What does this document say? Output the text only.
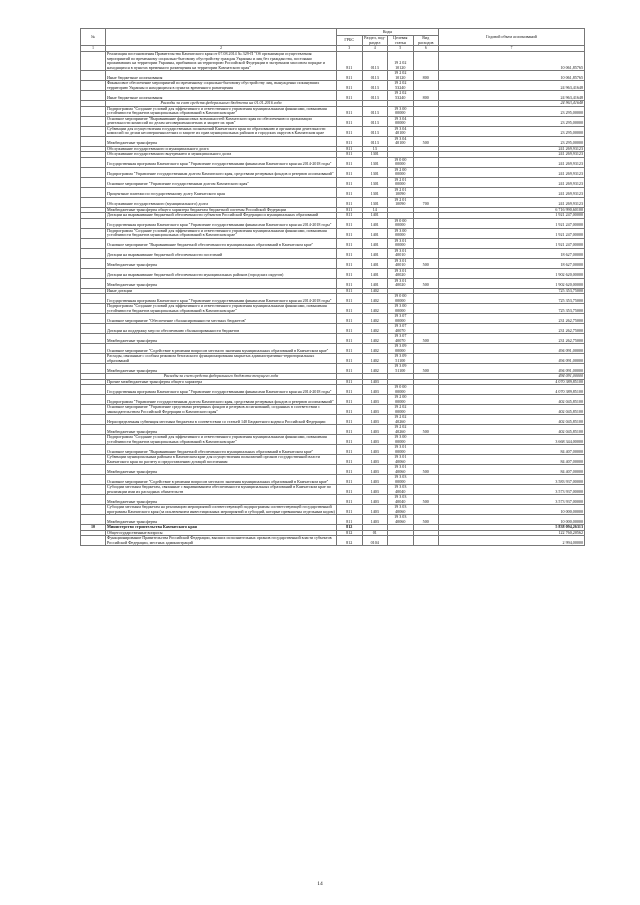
№		Коды				Годовой объем ассигнований
		ГРБС	Раздел, под-раздел	Целевая статья	Вид расходов	
1	2	3	4	5	6	7
	Реализация постановления Правительства Камчатского края от 07.08.2014 № 329-П "Об организации осуществления мероприятий по временному социально-бытовому обустройству граждан Украины и лиц без гражданства, постоянно проживавших на территории Украины, прибывших на территорию Российской Федерации в экстренном массовом порядке и находящихся в пунктах временного размещения на территории Камчатского края"	811	0113	19 2 02 10120		10 061,85765
	Иные бюджетные ассигнования	811	0113	19 2 02 10120	800	10 061,85765
	Финансовое обеспечение мероприятий по временному социально-бытовому обустройству лиц, вынужденно покинувших территорию Украины и находящихся в пунктах временного размещения	811	0113	19 2 02 53240		24 963,41648
	Иные бюджетные ассигнования	811	0113	19 2 02 53240	800	24 963,41648
	Расходы за счет средств федерального бюджета на 01.01.2016 года					24 963,41648
	Подпрограмма "Создание условий для эффективного и ответственного управления муниципальными финансами, повышения устойчивости бюджетов муниципальных образований в Камчатском крае"	811	0113	19 3 00 00000		23 295,00000
	Основное мероприятие "Выравнивание финансовых возможностей Камчатского края по обеспечению и организации деятельности комиссий по делам несовершеннолетних и защите их прав"	811	0113	19 3 04 00000		23 295,00000
	Субвенции для осуществления государственных полномочий Камчатского края по образованию и организации деятельности комиссий по делам несовершеннолетних и защите их прав муниципальных районов и городских округов в Камчатском крае	811	0113	19 3 04 40100		23 295,00000
	Межбюджетные трансферты	811	0113	19 3 04 40100	500	23 295,00000
	Обслуживание государственного и муниципального долга	811	13			241 269,93123
	Обслуживание государственного внутреннего и муниципального долга	811	1301			241 269,93123
	Государственная программа Камчатского края "Управление государственными финансами Камчатского края на 2014-2018 годы"	811	1301	19 0 00 00000		241 269,93123
	Подпрограмма "Управление государственным долгом Камчатского края, средствами резервных фондов и резервов ассигнований"	811	1301	19 2 00 00000		241 269,93123
	Основное мероприятие "Управление государственным долгом Камчатского края"	811	1301	19 2 01 00000		241 269,93123
	Процентные платежи по государственному долгу Камчатского края	811	1301	19 2 01 10090		241 269,93123
	Обслуживание государственного (муниципального) долга	811	1301	19 2 01 10090	700	241 269,93123
	Межбюджетные трансферты общего характера бюджетам бюджетной системы Российской Федерации	811	14			6 716 990,60100
	Дотации на выравнивание бюджетной обеспеченности субъектов Российской Федерации и муниципальных образований	811	1401			1 921 247,00000
	Государственная программа Камчатского края "Управление государственными финансами Камчатского края на 2014-2018 годы"	811	1401	19 0 00 00000		1 921 247,00000
	Подпрограмма "Создание условий для эффективного и ответственного управления муниципальными финансами, повышения устойчивости бюджетов муниципальных образований в Камчатском крае"	811	1401	19 3 00 00000		1 921 247,00000
	Основное мероприятие "Выравнивание бюджетной обеспеченности муниципальных образований в Камчатском крае"	811	1401	19 3 01 00000		1 921 247,00000
	Дотации на выравнивание бюджетной обеспеченности поселений	811	1401	19 3 01 40010		18 627,00000
	Межбюджетные трансферты	811	1401	19 3 01 40010	500	18 627,00000
	Дотации на выравнивание бюджетной обеспеченности муниципальных районов (городских округов)	811	1401	19 3 01 40020		1 902 620,00000
	Межбюджетные трансферты	811	1401	19 3 01 40020	500	1 902 620,00000
	Иные дотации	811	1402			725 353,75000
	Государственная программа Камчатского края "Управление государственными финансами Камчатского края на 2014-2018 годы"	811	1402	19 0 00 00000		725 353,75000
	Подпрограмма "Создание условий для эффективного и ответственного управления муниципальными финансами, повышения устойчивости бюджетов муниципальных образований в Камчатском крае"	811	1402	19 3 00 00000		725 353,75000
	Основное мероприятие "Обеспечение сбалансированности местных бюджетов"	811	1402	19 3 07 00000		231 262,75000
	Дотации на поддержку мер по обеспечению сбалансированности бюджетов	811	1402	19 3 07 40070		231 262,75000
	Межбюджетные трансферты	811	1402	19 3 07 40070	500	231 262,75000
	Основное мероприятие "Содействие в решении вопросов местного значения муниципальных образований в Камчатском крае"	811	1402	19 3 09 00000		494 091,00000
	Расходы, связанные с особым режимом безопасного функционирования закрытых административно-территориальных образований	811	1402	19 3 09 51100		494 091,00000
	Межбюджетные трансферты	811	1402	19 3 09 51100	500	494 091,00000
	Расходы за счет средств федерального бюджета текущего года					494 091,00000
	Прочие межбюджетные трансферты общего характера	811	1403			4 070 389,85100
	Государственная программа Камчатского края "Управление государственными финансами Камчатского края на 2014-2018 годы"	811	1403	19 0 00 00000		4 070 389,85100
	Подпрограмма "Управление государственным долгом Камчатского края, средствами резервных фондов и резервов ассигнований"	811	1403	19 2 00 00000		402 045,85100
	Основное мероприятие "Управление средствами резервных фондов и резервов ассигнований, созданных в соответствии с законодательством Российской Федерации и Камчатского края"	811	1403	19 2 02 00000		402 045,85100
	Нераспределенная субвенция местным бюджетам в соответствии со статьей 140 Бюджетного кодекса Российской Федерации	811	1403	19 2 02 40260		402 045,85100
	Межбюджетные трансферты	811	1403	19 2 02 40260	500	402 045,85100
	Подпрограмма "Создание условий для эффективного и ответственного управления муниципальными финансами, повышения устойчивости бюджетов муниципальных образований в Камчатском крае"	811	1403	19 3 00 00000		3 668 344,00000
	Основное мероприятие "Выравнивание бюджетной обеспеченности муниципальных образований в Камчатском крае"	811	1403	19 3 01 00000		84 407,00000
	Субвенции муниципальным районам в Камчатском крае для осуществления полномочий органов государственной власти Камчатского края по расчету и предоставлению дотаций поселениям	811	1403	19 3 01 40060		84 407,00000
	Межбюджетные трансферты	811	1403	19 3 01 40060	500	84 407,00000
	Основное мероприятие "Содействие в решении вопросов местного значения муниципальных образований в Камчатском крае"	811	1403	19 3 03 00000		3 583 937,00000
	Субсидии местным бюджетам, связанные с выравниванием обеспеченности муниципальных образований в Камчатском крае по реализации ими их расходных обязательств	811	1403	19 3 03 40040		3 573 937,00000
	Межбюджетные трансферты	811	1403	19 3 03 40040	500	3 573 937,00000
	Субсидии местным бюджетам на реализацию мероприятий соответствующей подпрограммы соответствующей государственной программы Камчатского края (за исключением инвестиционных мероприятий и субсидий, которые превышены отдельным кодом)	811	1403	19 3 03 40060		10 000,00000
	Межбюджетные трансферты	811	1403	19 3 03 40060	500	10 000,00000
10	Министерство строительства Камчатского края	812				5 838 094,26313
	Общегосударственные вопросы	812	01			122 760,20562
	Функционирование Правительства Российской Федерации, высших исполнительных органов государственной власти субъектов Российской Федерации, местных администраций	812	0104			2 994,00000
14
